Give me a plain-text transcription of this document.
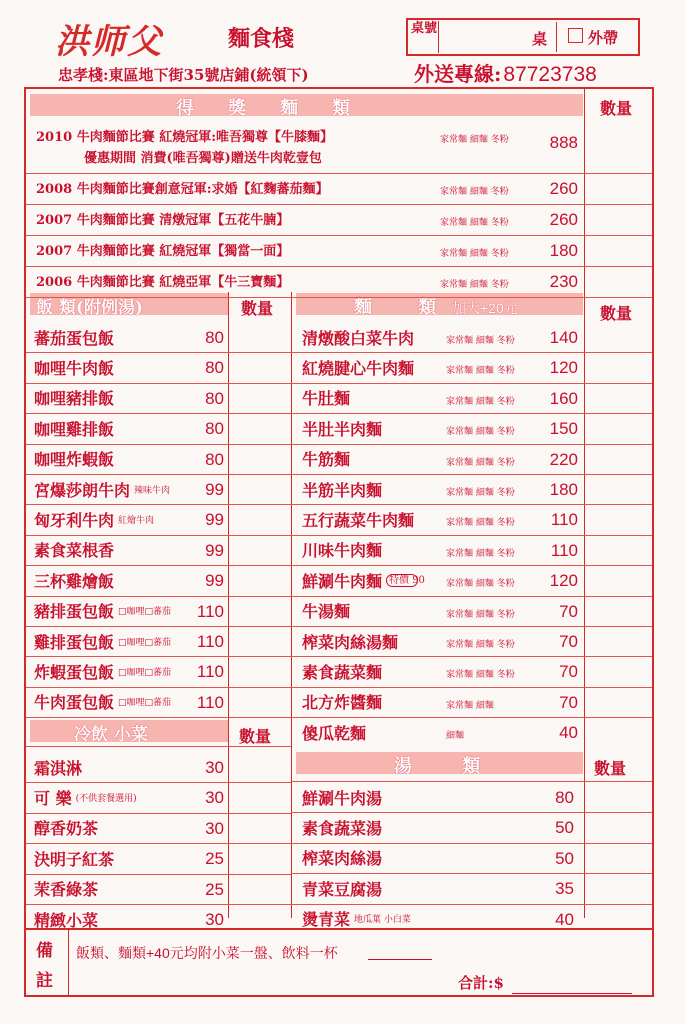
洪师父	麵食棧
忠孝棧:東區地下街35號店鋪(統領下)	外送專線:87723738
桌號
桌	外帶
得獎麵類	數量
飯 類(附例湯)	數量	麵 類
加大+20元	數量
冷飲 小菜	數量
湯 類	數量
備註
飯類、麵類+40元均附小菜一盤、飲料一杯
合計:$
2010 牛肉麵節比賽 紅燒冠軍:唯吾獨尊【牛膝麵】
優惠期間 消費(唯吾獨尊)贈送牛肉乾壹包
家常麵 細麵 冬粉	888
2008 牛肉麵節比賽創意冠軍:求婚【紅麴蕃茄麵】	家常麵 細麵 冬粉	260
2007 牛肉麵節比賽 清燉冠軍【五花牛腩】	家常麵 細麵 冬粉	260
2007 牛肉麵節比賽 紅燒冠軍【獨當一面】	家常麵 細麵 冬粉	180
2006 牛肉麵節比賽 紅燒亞軍【牛三寶麵】	家常麵 細麵 冬粉	230
蕃茄蛋包飯	80
咖哩牛肉飯	80
咖哩豬排飯	80
咖哩雞排飯	80
咖哩炸蝦飯	80
宮爆莎朗牛肉 辣味牛肉	99
匈牙利牛肉 紅燴牛肉	99
素食菜根香	99
三杯雞燴飯	99
豬排蛋包飯 □咖哩□蕃茄	110
雞排蛋包飯 □咖哩□蕃茄	110
炸蝦蛋包飯 □咖哩□蕃茄	110
牛肉蛋包飯 □咖哩□蕃茄	110
清燉酸白菜牛肉	家常麵 細麵 冬粉	140
紅燒腱心牛肉麵	家常麵 細麵 冬粉	120
牛肚麵	家常麵 細麵 冬粉	160
半肚半肉麵	家常麵 細麵 冬粉	150
牛筋麵	家常麵 細麵 冬粉	220
半筋半肉麵	家常麵 細麵 冬粉	180
五行蔬菜牛肉麵	家常麵 細麵 冬粉	110
川味牛肉麵	家常麵 細麵 冬粉	110
鮮涮牛肉麵 特價 90 家常麵 細麵 冬粉	120
牛湯麵	家常麵 細麵 冬粉	70
榨菜肉絲湯麵	家常麵 細麵 冬粉	70
素食蔬菜麵	家常麵 細麵 冬粉	70
北方炸醬麵	家常麵 細麵	70
傻瓜乾麵	細麵	40
霜淇淋	30
可 樂 (不供套餐選用)	30
醇香奶茶	30
決明子紅茶	25
茉香綠茶	25
精緻小菜	30
鮮涮牛肉湯	80
素食蔬菜湯	50
榨菜肉絲湯	50
青菜豆腐湯	35
燙青菜 地瓜葉 小白菜	40
